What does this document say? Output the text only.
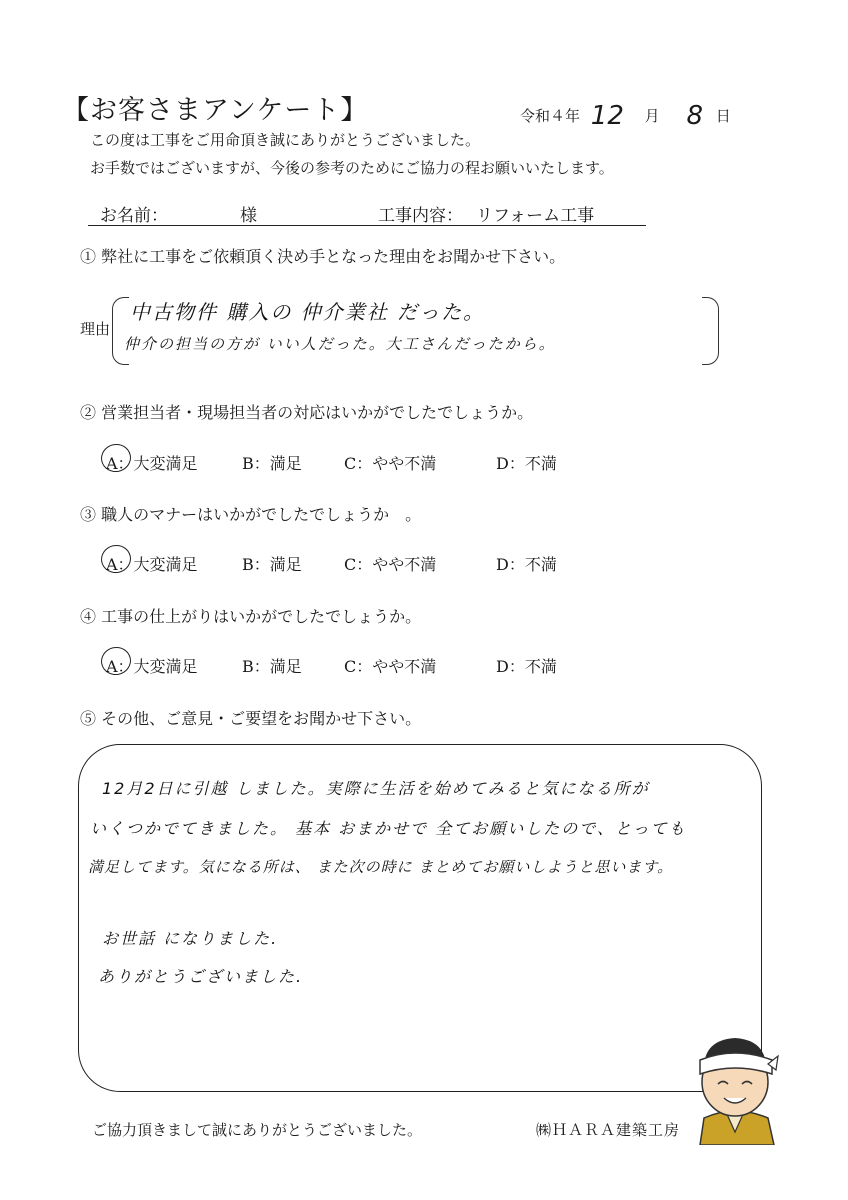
【お客さまアンケート】	令和４年 12 月 8 日
この度は工事をご用命頂き誠にありがとうございました。
お手数ではございますが、今後の参考のためにご協力の程お願いいたします。
お名前：	様	工事内容： リフォーム工事
① 弊社に工事をご依頼頂く決め手となった理由をお聞かせ下さい。
理由
中古物件 購入の 仲介業社 だった。
仲介の担当の方が いい人だった。大工さんだったから。
② 営業担当者・現場担当者の対応はいかがでしたでしょうか。
A：大変満足	B：満足	C：やや不満	D：不満
③ 職人のマナーはいかがでしたでしょうか　。
A：大変満足	B：満足	C：やや不満	D：不満
④ 工事の仕上がりはいかがでしたでしょうか。
A：大変満足	B：満足	C：やや不満	D：不満
⑤ その他、ご意見・ご要望をお聞かせ下さい。
12月2日に引越 しました。実際に生活を始めてみると気になる所が
いくつかでてきました。 基本 おまかせで 全てお願いしたので、とっても
満足してます。気になる所は、 また次の時に まとめてお願いしようと思います。
お世話 になりました.
ありがとうございました.
ご協力頂きまして誠にありがとうございました。	㈱ＨＡＲＡ建築工房
